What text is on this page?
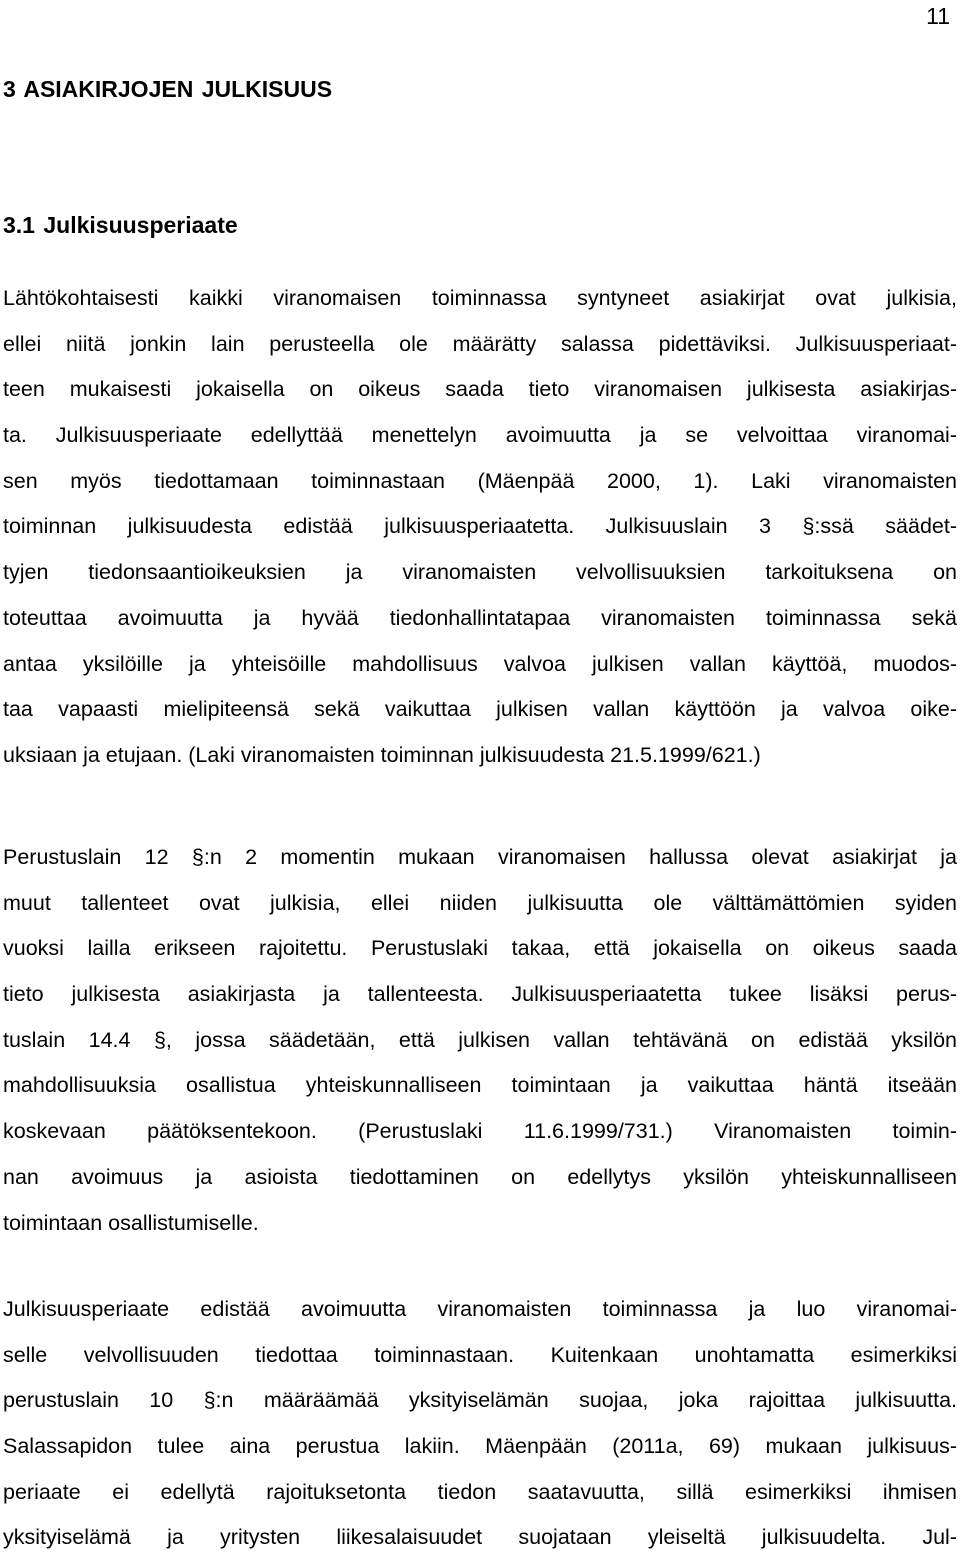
11
3 ASIAKIRJOJEN JULKISUUS
3.1 Julkisuusperiaate
Lähtökohtaisesti kaikki viranomaisen toiminnassa syntyneet asiakirjat ovat julkisia,
ellei niitä jonkin lain perusteella ole määrätty salassa pidettäviksi. Julkisuusperiaat-
teen mukaisesti jokaisella on oikeus saada tieto viranomaisen julkisesta asiakirjas-
ta. Julkisuusperiaate edellyttää menettelyn avoimuutta ja se velvoittaa viranomai-
sen myös tiedottamaan toiminnastaan (Mäenpää 2000, 1). Laki viranomaisten
toiminnan julkisuudesta edistää julkisuusperiaatetta. Julkisuuslain 3 §:ssä säädet-
tyjen tiedonsaantioikeuksien ja viranomaisten velvollisuuksien tarkoituksena on
toteuttaa avoimuutta ja hyvää tiedonhallintatapaa viranomaisten toiminnassa sekä
antaa yksilöille ja yhteisöille mahdollisuus valvoa julkisen vallan käyttöä, muodos-
taa vapaasti mielipiteensä sekä vaikuttaa julkisen vallan käyttöön ja valvoa oike-
uksiaan ja etujaan. (Laki viranomaisten toiminnan julkisuudesta 21.5.1999/621.)
Perustuslain 12 §:n 2 momentin mukaan viranomaisen hallussa olevat asiakirjat ja
muut tallenteet ovat julkisia, ellei niiden julkisuutta ole välttämättömien syiden
vuoksi lailla erikseen rajoitettu. Perustuslaki takaa, että jokaisella on oikeus saada
tieto julkisesta asiakirjasta ja tallenteesta. Julkisuusperiaatetta tukee lisäksi perus-
tuslain 14.4 §, jossa säädetään, että julkisen vallan tehtävänä on edistää yksilön
mahdollisuuksia osallistua yhteiskunnalliseen toimintaan ja vaikuttaa häntä itseään
koskevaan päätöksentekoon. (Perustuslaki 11.6.1999/731.) Viranomaisten toimin-
nan avoimuus ja asioista tiedottaminen on edellytys yksilön yhteiskunnalliseen
toimintaan osallistumiselle.
Julkisuusperiaate edistää avoimuutta viranomaisten toiminnassa ja luo viranomai-
selle velvollisuuden tiedottaa toiminnastaan. Kuitenkaan unohtamatta esimerkiksi
perustuslain 10 §:n määräämää yksityiselämän suojaa, joka rajoittaa julkisuutta.
Salassapidon tulee aina perustua lakiin. Mäenpään (2011a, 69) mukaan julkisuus-
periaate ei edellytä rajoituksetonta tiedon saatavuutta, sillä esimerkiksi ihmisen
yksityiselämä ja yritysten liikesalaisuudet suojataan yleiseltä julkisuudelta. Jul-
